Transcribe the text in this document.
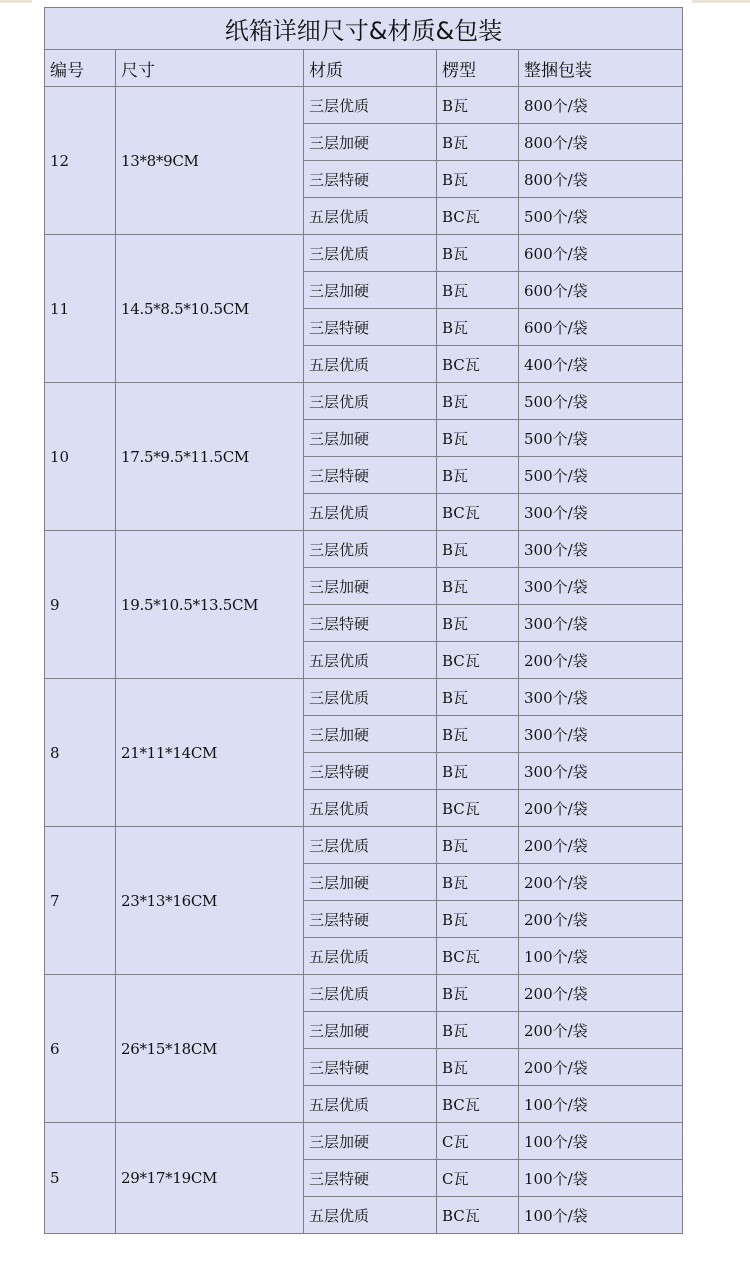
纸箱详细尺寸&材质&包装				
编号	尺寸	材质	楞型	整捆包装
12	13*8*9CM	三层优质	B瓦	800个/袋
		三层加硬	B瓦	800个/袋
		三层特硬	B瓦	800个/袋
		五层优质	BC瓦	500个/袋
11	14.5*8.5*10.5CM	三层优质	B瓦	600个/袋
		三层加硬	B瓦	600个/袋
		三层特硬	B瓦	600个/袋
		五层优质	BC瓦	400个/袋
10	17.5*9.5*11.5CM	三层优质	B瓦	500个/袋
		三层加硬	B瓦	500个/袋
		三层特硬	B瓦	500个/袋
		五层优质	BC瓦	300个/袋
9	19.5*10.5*13.5CM	三层优质	B瓦	300个/袋
		三层加硬	B瓦	300个/袋
		三层特硬	B瓦	300个/袋
		五层优质	BC瓦	200个/袋
8	21*11*14CM	三层优质	B瓦	300个/袋
		三层加硬	B瓦	300个/袋
		三层特硬	B瓦	300个/袋
		五层优质	BC瓦	200个/袋
7	23*13*16CM	三层优质	B瓦	200个/袋
		三层加硬	B瓦	200个/袋
		三层特硬	B瓦	200个/袋
		五层优质	BC瓦	100个/袋
6	26*15*18CM	三层优质	B瓦	200个/袋
		三层加硬	B瓦	200个/袋
		三层特硬	B瓦	200个/袋
		五层优质	BC瓦	100个/袋
5	29*17*19CM	三层加硬	C瓦	100个/袋
		三层特硬	C瓦	100个/袋
		五层优质	BC瓦	100个/袋
